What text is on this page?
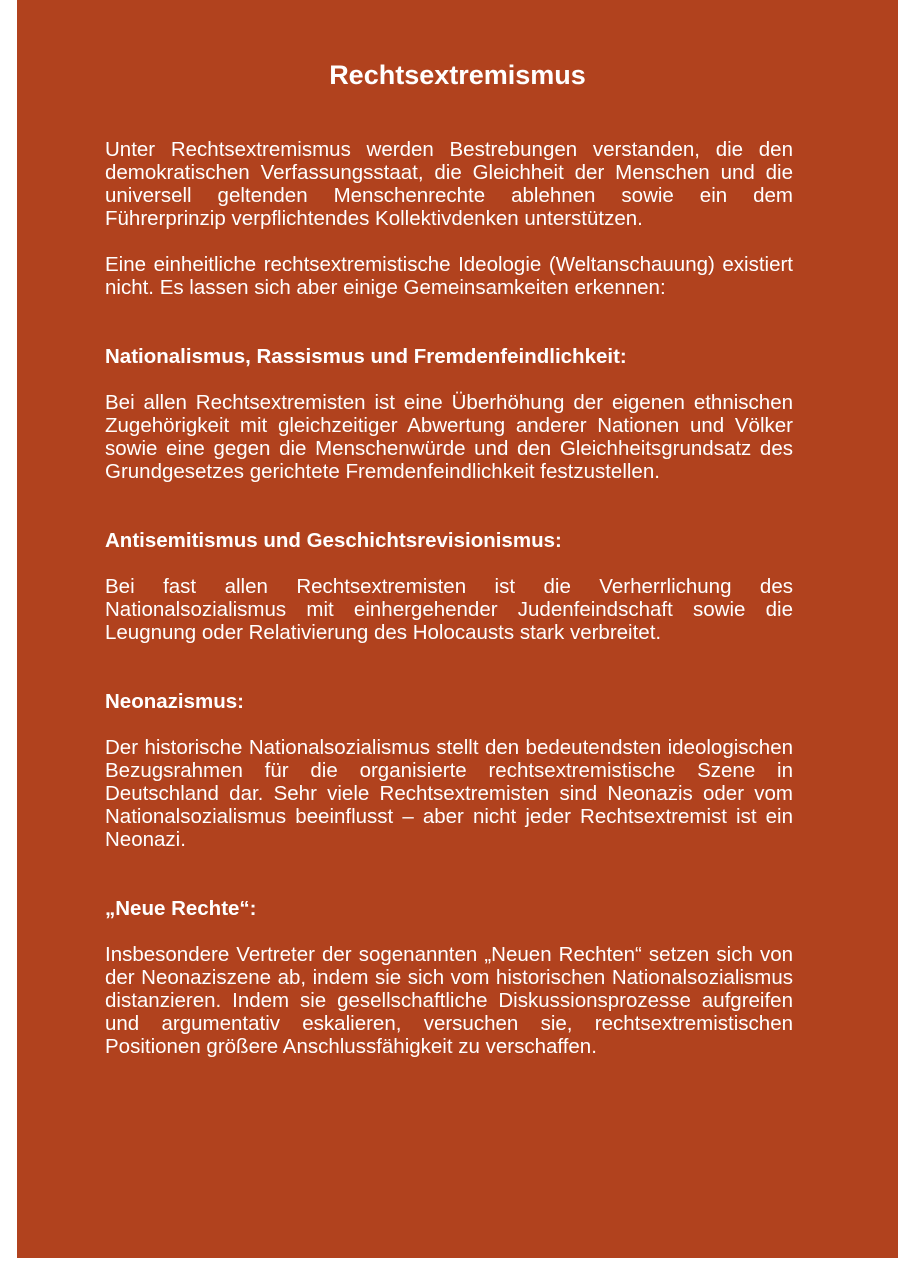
Rechtsextremismus

Unter Rechtsextremismus werden Bestrebungen verstanden, die den demokratischen Verfassungsstaat, die Gleichheit der Menschen und die universell geltenden Menschenrechte ablehnen sowie ein dem Führerprinzip verpflichtendes Kollektivdenken unterstützen.

Eine einheitliche rechtsextremistische Ideologie (Weltanschauung) existiert nicht. Es lassen sich aber einige Gemeinsamkeiten erkennen:

Nationalismus, Rassismus und Fremdenfeindlichkeit:

Bei allen Rechtsextremisten ist eine Überhöhung der eigenen ethnischen Zugehörigkeit mit gleichzeitiger Abwertung anderer Nationen und Völker sowie eine gegen die Menschenwürde und den Gleichheitsgrundsatz des Grundgesetzes gerichtete Fremdenfeindlichkeit festzustellen.

Antisemitismus und Geschichtsrevisionismus:

Bei fast allen Rechtsextremisten ist die Verherrlichung des Nationalsozialismus mit einhergehender Judenfeindschaft sowie die Leugnung oder Relativierung des Holocausts stark verbreitet.

Neonazismus:

Der historische Nationalsozialismus stellt den bedeutendsten ideologischen Bezugsrahmen für die organisierte rechtsextremistische Szene in Deutschland dar. Sehr viele Rechtsextremisten sind Neonazis oder vom Nationalsozialismus beeinflusst – aber nicht jeder Rechtsextremist ist ein Neonazi.

„Neue Rechte“:

Insbesondere Vertreter der sogenannten „Neuen Rechten“ setzen sich von der Neonaziszene ab, indem sie sich vom historischen Nationalsozialismus distanzieren. Indem sie gesellschaftliche Diskussionsprozesse aufgreifen und argumentativ eskalieren, versuchen sie, rechtsextremistischen Positionen größere Anschlussfähigkeit zu verschaffen.
